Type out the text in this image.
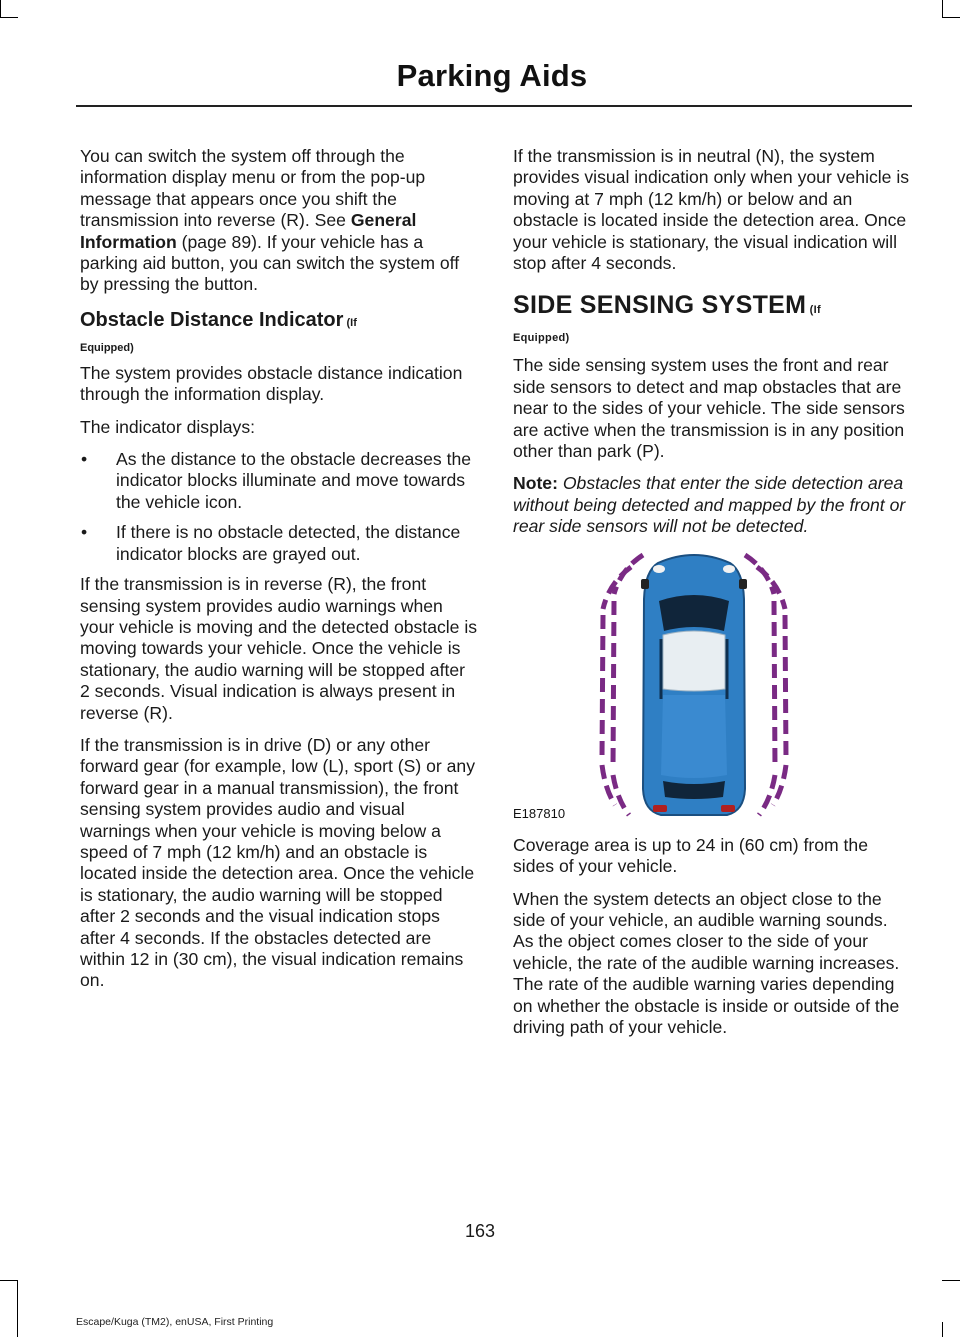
Parking Aids

You can switch the system off through the information display menu or from the pop-up message that appears once you shift the transmission into reverse (R). See General Information (page 89). If your vehicle has a parking aid button, you can switch the system off by pressing the button.

Obstacle Distance Indicator (If
Equipped)

The system provides obstacle distance indication through the information display.

The indicator displays:

• As the distance to the obstacle decreases the indicator blocks illuminate and move towards the vehicle icon.
• If there is no obstacle detected, the distance indicator blocks are grayed out.

If the transmission is in reverse (R), the front sensing system provides audio warnings when your vehicle is moving and the detected obstacle is moving towards your vehicle. Once the vehicle is stationary, the audio warning will be stopped after 2 seconds. Visual indication is always present in reverse (R).

If the transmission is in drive (D) or any other forward gear (for example, low (L), sport (S) or any forward gear in a manual transmission), the front sensing system provides audio and visual warnings when your vehicle is moving below a speed of 7 mph (12 km/h) and an obstacle is located inside the detection area. Once the vehicle is stationary, the audio warning will be stopped after 2 seconds and the visual indication stops after 4 seconds. If the obstacles detected are within 12 in (30 cm), the visual indication remains on.

If the transmission is in neutral (N), the system provides visual indication only when your vehicle is moving at 7 mph (12 km/h) or below and an obstacle is located inside the detection area. Once your vehicle is stationary, the visual indication will stop after 4 seconds.

SIDE SENSING SYSTEM (If
Equipped)

The side sensing system uses the front and rear side sensors to detect and map obstacles that are near to the sides of your vehicle. The side sensors are active when the transmission is in any position other than park (P).

Note: Obstacles that enter the side detection area without being detected and mapped by the front or rear side sensors will not be detected.

E187810

Coverage area is up to 24 in (60 cm) from the sides of your vehicle.

When the system detects an object close to the side of your vehicle, an audible warning sounds. As the object comes closer to the side of your vehicle, the rate of the audible warning increases. The rate of the audible warning varies depending on whether the obstacle is inside or outside of the driving path of your vehicle.

163
Escape/Kuga (TM2), enUSA, First Printing
